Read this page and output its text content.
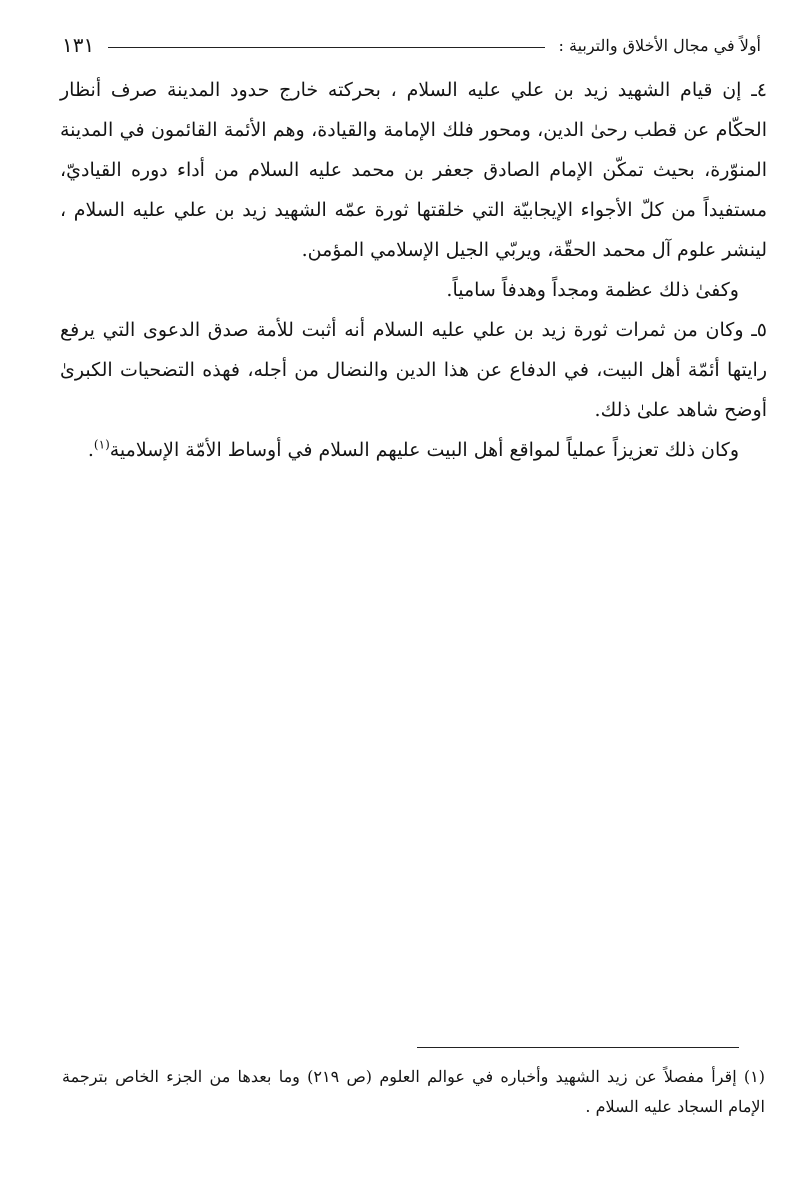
أولاً في مجال الأخلاق والتربية :
١٣١

٤ـ إن قيام الشهيد زيد بن علي عليه السلام ، بحركته خارج حدود المدينة صرف أنظار الحكّام عن قطب رحىٰ الدين، ومحور فلك الإمامة والقيادة، وهم الأئمة القائمون في المدينة المنوّرة، بحيث تمكّن الإمام الصادق جعفر بن محمد عليه السلام من أداء دوره القياديّ، مستفيداً من كلّ الأجواء الإيجابيّة التي خلقتها ثورة عمّه الشهيد زيد بن علي عليه السلام ، لينشر علوم آل محمد الحقّة، ويربّي الجيل الإسلامي المؤمن.

وكفىٰ ذلك عظمة ومجداً وهدفاً سامياً.

٥ـ وكان من ثمرات ثورة زيد بن علي عليه السلام أنه أثبت للأمة صدق الدعوى التي يرفع رايتها أئمّة أهل البيت، في الدفاع عن هذا الدين والنضال من أجله، فهذه التضحيات الكبرىٰ أوضح شاهد علىٰ ذلك.

وكان ذلك تعزيزاً عملياً لمواقع أهل البيت عليهم السلام في أوساط الأمّة الإسلامية$^{(١)}$.

(١) إقرأ مفصلاً عن زيد الشهيد وأخباره في عوالم العلوم (ص ٢١٩) وما بعدها من الجزء الخاص بترجمة الإمام السجاد عليه السلام .
